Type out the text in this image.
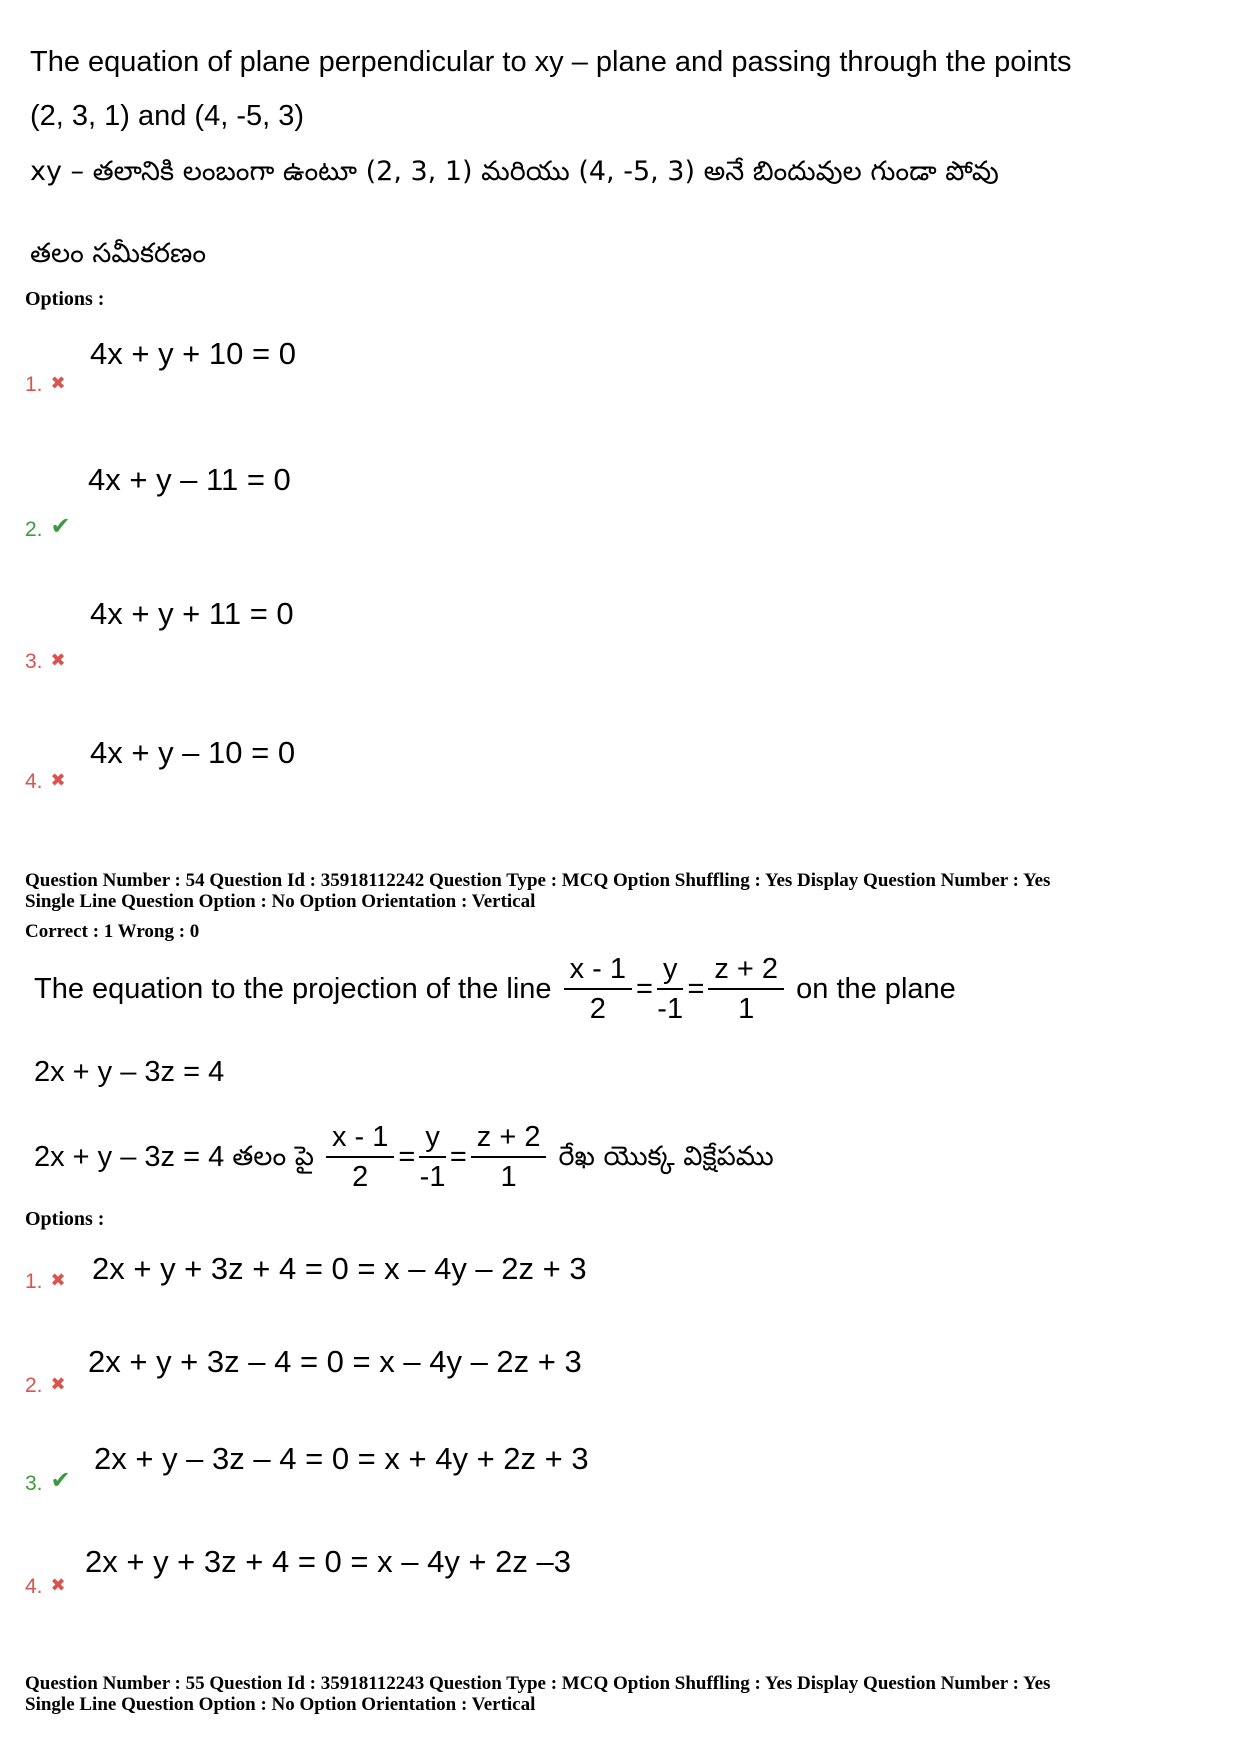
The equation of plane perpendicular to xy – plane and passing through the points
(2, 3, 1) and (4, -5, 3)
xy – తలానికి లంబంగా ఉంటూ (2, 3, 1) మరియు (4, -5, 3) అనే బిందువుల గుండా పోవు
తలం సమీకరణం
Options :
1. ✖
4x + y + 10 = 0
2. ✔
4x + y – 11 = 0
3. ✖
4x + y + 11 = 0
4. ✖
4x + y – 10 = 0
Question Number : 54 Question Id : 35918112242 Question Type : MCQ Option Shuffling : Yes Display Question Number : Yes
Single Line Question Option : No Option Orientation : Vertical
Correct : 1 Wrong : 0
The equation to the projection of the line $\frac{x - 1}{2} = \frac{y}{-1} = \frac{z + 2}{1}$ on the plane
2x + y – 3z = 4
2x + y – 3z = 4 తలం పై $\frac{x - 1}{2} = \frac{y}{-1} = \frac{z + 2}{1}$ రేఖ యొక్క విక్షేపము
Options :
1. ✖ 2x + y + 3z + 4 = 0 = x – 4y – 2z + 3
2. ✖
2x + y + 3z – 4 = 0 = x – 4y – 2z + 3
3. ✔
2x + y – 3z – 4 = 0 = x + 4y + 2z + 3
4. ✖
2x + y + 3z + 4 = 0 = x – 4y + 2z –3
Question Number : 55 Question Id : 35918112243 Question Type : MCQ Option Shuffling : Yes Display Question Number : Yes
Single Line Question Option : No Option Orientation : Vertical
